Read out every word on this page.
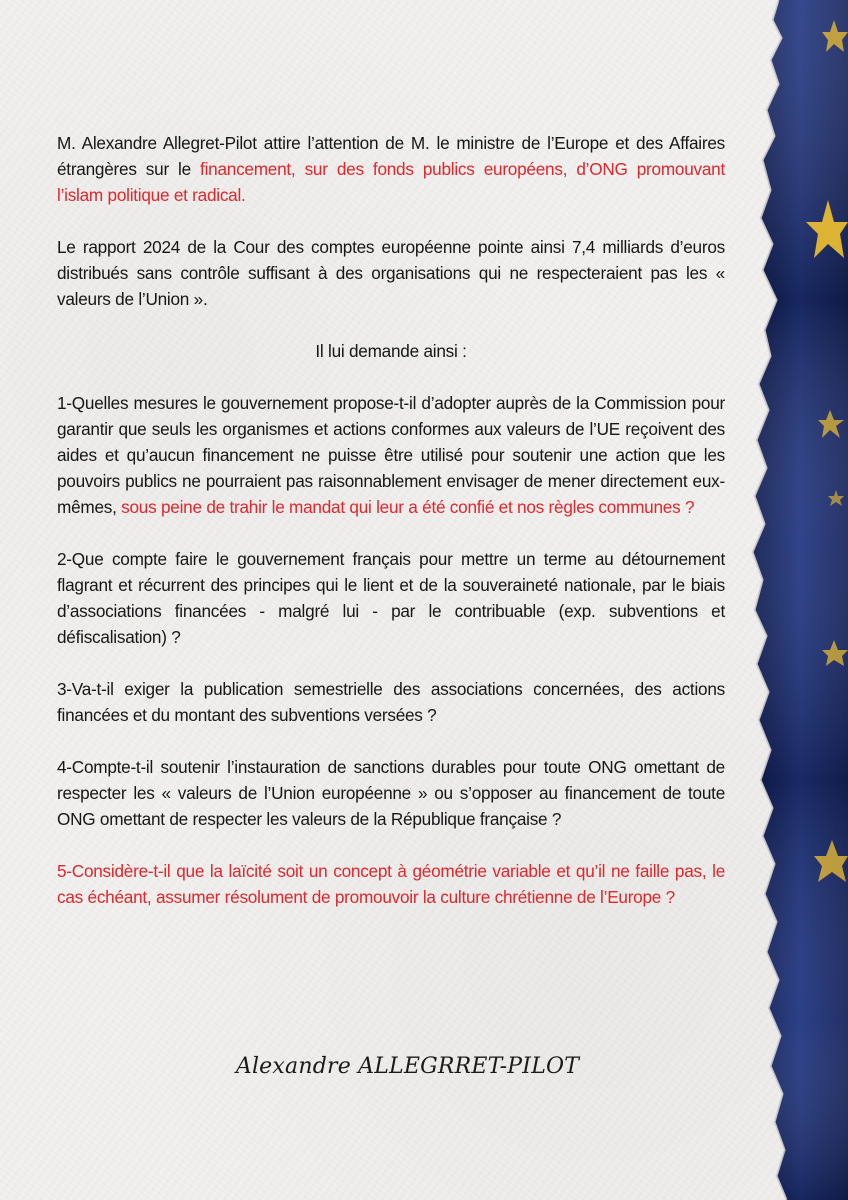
M. Alexandre Allegret-Pilot attire l’attention de M. le ministre de l’Europe et des Affaires étrangères sur le financement, sur des fonds publics européens, d’ONG promouvant l’islam politique et radical.

Le rapport 2024 de la Cour des comptes européenne pointe ainsi 7,4 milliards d’euros distribués sans contrôle suffisant à des organisations qui ne respecteraient pas les « valeurs de l’Union ».

Il lui demande ainsi :

1-Quelles mesures le gouvernement propose-t-il d’adopter auprès de la Commission pour garantir que seuls les organismes et actions conformes aux valeurs de l’UE reçoivent des aides et qu’aucun financement ne puisse être utilisé pour soutenir une action que les pouvoirs publics ne pourraient pas raisonnablement envisager de mener directement eux-mêmes, sous peine de trahir le mandat qui leur a été confié et nos règles communes ?

2-Que compte faire le gouvernement français pour mettre un terme au détournement flagrant et récurrent des principes qui le lient et de la souveraineté nationale, par le biais d’associations financées - malgré lui - par le contribuable (exp. subventions et défiscalisation) ?

3-Va-t-il exiger la publication semestrielle des associations concernées, des actions financées et du montant des subventions versées ?

4-Compte-t-il soutenir l’instauration de sanctions durables pour toute ONG omettant de respecter les « valeurs de l’Union européenne » ou s’opposer au financement de toute ONG omettant de respecter les valeurs de la République française ?

5-Considère-t-il que la laïcité soit un concept à géométrie variable et qu’il ne faille pas, le cas échéant, assumer résolument de promouvoir la culture chrétienne de l’Europe ?

Alexandre ALLEGRRET-PILOT
